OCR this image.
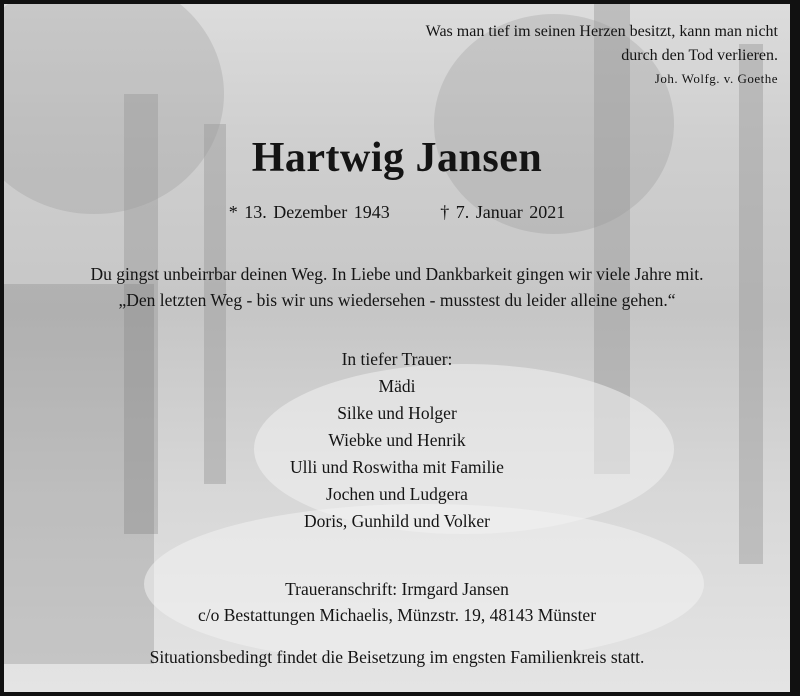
Was man tief im seinen Herzen besitzt, kann man nicht
durch den Tod verlieren.
Joh. Wolfg. v. Goethe
Hartwig Jansen
* 13. Dezember 1943	† 7. Januar 2021
Du gingst unbeirrbar deinen Weg. In Liebe und Dankbarkeit gingen wir viele Jahre mit.
„Den letzten Weg - bis wir uns wiedersehen - musstest du leider alleine gehen.“
In tiefer Trauer:
Mädi
Silke und Holger
Wiebke und Henrik
Ulli und Roswitha mit Familie
Jochen und Ludgera
Doris, Gunhild und Volker
Traueranschrift: Irmgard Jansen
c/o Bestattungen Michaelis, Münzstr. 19, 48143 Münster
Situationsbedingt findet die Beisetzung im engsten Familienkreis statt.
